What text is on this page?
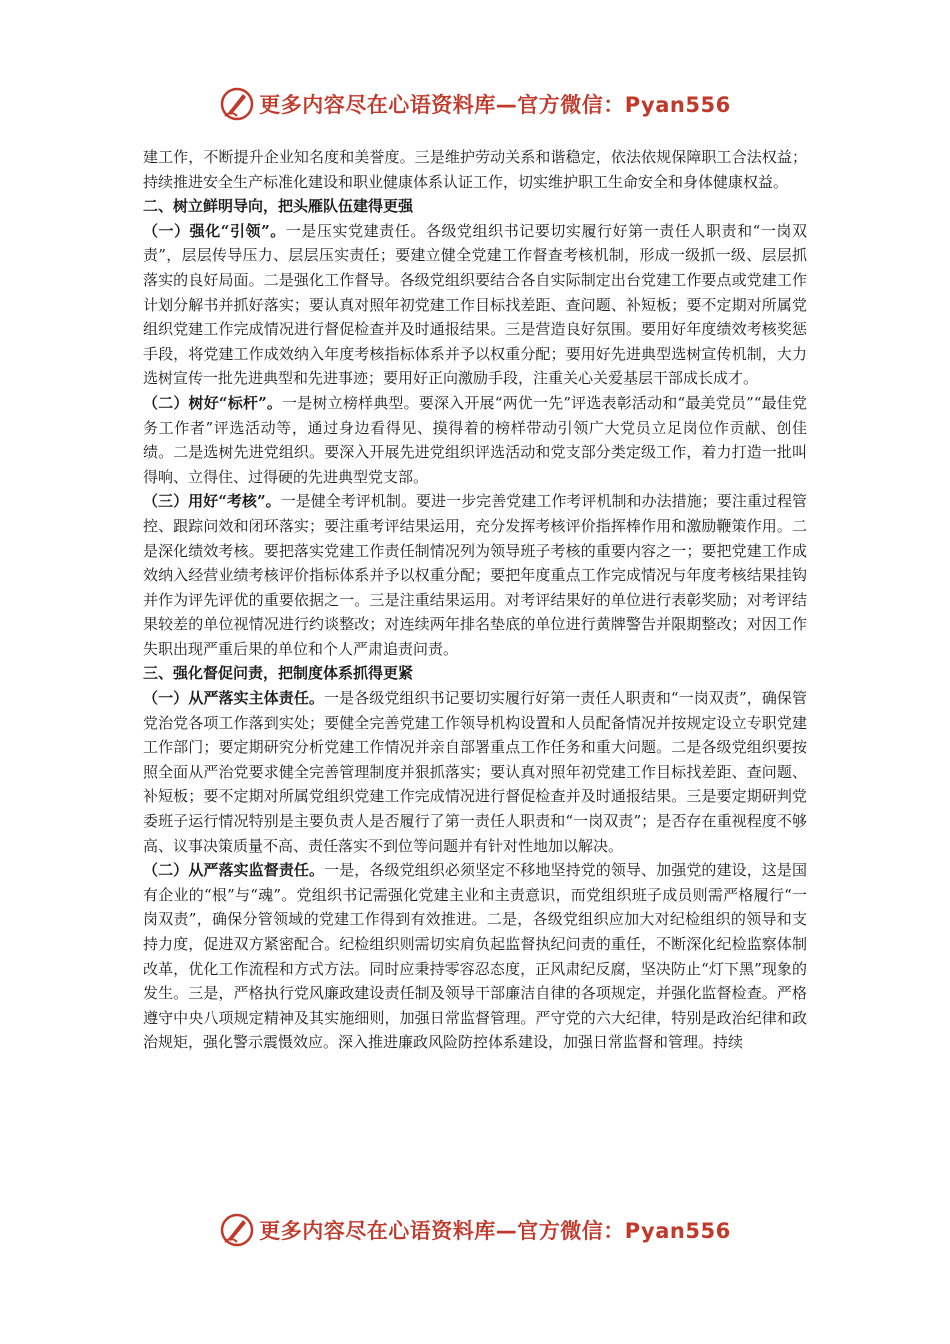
更多内容尽在心语资料库—官方微信：Pyan556

建工作，不断提升企业知名度和美誉度。三是维护劳动关系和谐稳定，依法依规保障职工合法权益；持续推进安全生产标准化建设和职业健康体系认证工作，切实维护职工生命安全和身体健康权益。

二、树立鲜明导向，把头雁队伍建得更强

（一）强化“引领”。一是压实党建责任。各级党组织书记要切实履行好第一责任人职责和“一岗双责”，层层传导压力、层层压实责任；要建立健全党建工作督查考核机制，形成一级抓一级、层层抓落实的良好局面。二是强化工作督导。各级党组织要结合各自实际制定出台党建工作要点或党建工作计划分解书并抓好落实；要认真对照年初党建工作目标找差距、查问题、补短板；要不定期对所属党组织党建工作完成情况进行督促检查并及时通报结果。三是营造良好氛围。要用好年度绩效考核奖惩手段，将党建工作成效纳入年度考核指标体系并予以权重分配；要用好先进典型选树宣传机制，大力选树宣传一批先进典型和先进事迹；要用好正向激励手段，注重关心关爱基层干部成长成才。

（二）树好“标杆”。一是树立榜样典型。要深入开展“两优一先”评选表彰活动和“最美党员”“最佳党务工作者”评选活动等，通过身边看得见、摸得着的榜样带动引领广大党员立足岗位作贡献、创佳绩。二是选树先进党组织。要深入开展先进党组织评选活动和党支部分类定级工作，着力打造一批叫得响、立得住、过得硬的先进典型党支部。

（三）用好“考核”。一是健全考评机制。要进一步完善党建工作考评机制和办法措施；要注重过程管控、跟踪问效和闭环落实；要注重考评结果运用，充分发挥考核评价指挥棒作用和激励鞭策作用。二是深化绩效考核。要把落实党建工作责任制情况列为领导班子考核的重要内容之一；要把党建工作成效纳入经营业绩考核评价指标体系并予以权重分配；要把年度重点工作完成情况与年度考核结果挂钩并作为评先评优的重要依据之一。三是注重结果运用。对考评结果好的单位进行表彰奖励；对考评结果较差的单位视情况进行约谈整改；对连续两年排名垫底的单位进行黄牌警告并限期整改；对因工作失职出现严重后果的单位和个人严肃追责问责。

三、强化督促问责，把制度体系抓得更紧

（一）从严落实主体责任。一是各级党组织书记要切实履行好第一责任人职责和“一岗双责”，确保管党治党各项工作落到实处；要健全完善党建工作领导机构设置和人员配备情况并按规定设立专职党建工作部门；要定期研究分析党建工作情况并亲自部署重点工作任务和重大问题。二是各级党组织要按照全面从严治党要求健全完善管理制度并狠抓落实；要认真对照年初党建工作目标找差距、查问题、补短板；要不定期对所属党组织党建工作完成情况进行督促检查并及时通报结果。三是要定期研判党委班子运行情况特别是主要负责人是否履行了第一责任人职责和“一岗双责”；是否存在重视程度不够高、议事决策质量不高、责任落实不到位等问题并有针对性地加以解决。

（二）从严落实监督责任。一是，各级党组织必须坚定不移地坚持党的领导、加强党的建设，这是国有企业的“根”与“魂”。党组织书记需强化党建主业和主责意识，而党组织班子成员则需严格履行“一岗双责”，确保分管领域的党建工作得到有效推进。二是，各级党组织应加大对纪检组织的领导和支持力度，促进双方紧密配合。纪检组织则需切实肩负起监督执纪问责的重任，不断深化纪检监察体制改革，优化工作流程和方式方法。同时应秉持零容忍态度，正风肃纪反腐，坚决防止“灯下黑”现象的发生。三是，严格执行党风廉政建设责任制及领导干部廉洁自律的各项规定，并强化监督检查。严格遵守中央八项规定精神及其实施细则，加强日常监督管理。严守党的六大纪律，特别是政治纪律和政治规矩，强化警示震慑效应。深入推进廉政风险防控体系建设，加强日常监督和管理。持续

更多内容尽在心语资料库—官方微信：Pyan556
